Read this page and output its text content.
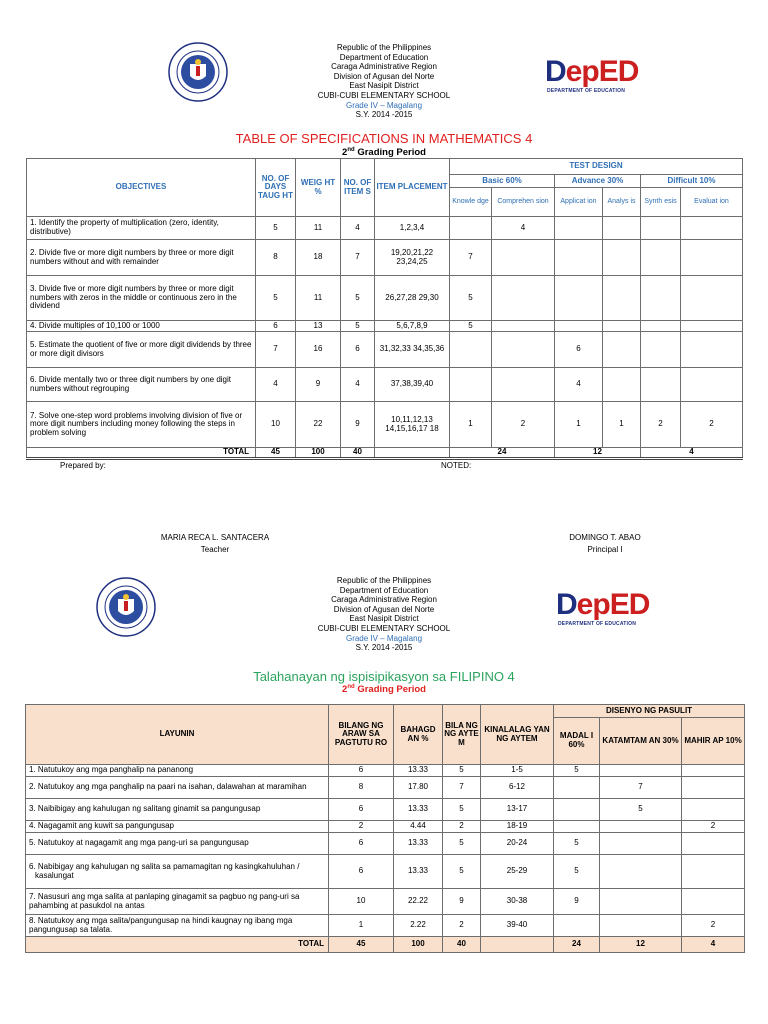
Republic of the Philippines
Department of Education
Caraga Administrative Region
Division of Agusan del Norte
East Nasipit District
CUBI-CUBI ELEMENTARY SCHOOL
Grade IV – Magalang
S.Y. 2014 -2015
DepED
DEPARTMENT OF EDUCATION
TABLE OF SPECIFICATIONS IN MATHEMATICS 4
2nd Grading Period
OBJECTIVES	NO. OF DAYS TAUG HT	WEIG HT %	NO. OF ITEM S	ITEM PLACEMENT	TEST DESIGN					
					Basic 60%		Advance 30%		Difficult 10%	
					Knowle dge	Comprehen sion	Applicat ion	Analys is	Synth esis	Evaluat ion
1. Identify the property of multiplication (zero, identity, distributive)	5	11	4	1,2,3,4		4				
2. Divide five or more digit numbers by three or more digit numbers without and with remainder	8	18	7	19,20,21,22 23,24,25	7					
3. Divide five or more digit numbers by three or more digit numbers with zeros in the middle or continuous zero in the dividend	5	11	5	26,27,28 29,30	5					
4. Divide multiples of 10,100 or 1000	6	13	5	5,6,7,8,9	5					
5. Estimate the quotient of five or more digit dividends by three or more digit divisors	7	16	6	31,32,33 34,35,36			6			
6. Divide mentally two or three digit numbers by one digit numbers without regrouping	4	9	4	37,38,39,40			4			
7. Solve one-step word problems involving division of five or more digit numbers including money following the steps in problem solving	10	22	9	10,11,12,13 14,15,16,17 18	1	2	1	1	2	2
TOTAL	45	100	40		24		12		4	
Prepared by:	NOTED:
MARIA RECA L. SANTACERA
Teacher
DOMINGO T. ABAO
Principal I
Republic of the Philippines
Department of Education
Caraga Administrative Region
Division of Agusan del Norte
East Nasipit District
CUBI-CUBI ELEMENTARY SCHOOL
Grade IV – Magalang
S.Y. 2014 -2015
DepED
DEPARTMENT OF EDUCATION
Talahanayan ng ispisipikasyon sa FILIPINO 4
2nd Grading Period
LAYUNIN	BILANG NG ARAW SA PAGTUTU RO	BAHAGD AN %	BILA NG NG AYTE M	KINALALAG YAN NG AYTEM	DISENYO NG PASULIT		
					MADAL I 60%	KATAMTAM AN 30%	MAHIR AP 10%
1. Natutukoy ang mga panghalip na pananong	6	13.33	5	1-5	5		
2. Natutukoy ang mga panghalip na paari na isahan, dalawahan at maramihan	8	17.80	7	6-12		7	
3. Naibibigay ang kahulugan ng salitang ginamit sa pangungusap	6	13.33	5	13-17		5	
4. Nagagamit ang kuwit sa pangungusap	2	4.44	2	18-19			2
5. Natutukoy at nagagamit ang mga pang-uri sa pangungusap	6	13.33	5	20-24	5		
6. Nabibigay ang kahulugan ng salita sa pamamagitan ng kasingkahuluhan /
kasalungat	6	13.33	5	25-29	5		
7. Nasusuri ang mga salita at panlaping ginagamit sa pagbuo ng pang-uri sa pahambing at pasukdol na antas	10	22.22	9	30-38	9		
8. Natutukoy ang mga salita/pangungusap na hindi kaugnay ng ibang mga pangungusap sa talata.	1	2.22	2	39-40			2
TOTAL	45	100	40		24	12	4
